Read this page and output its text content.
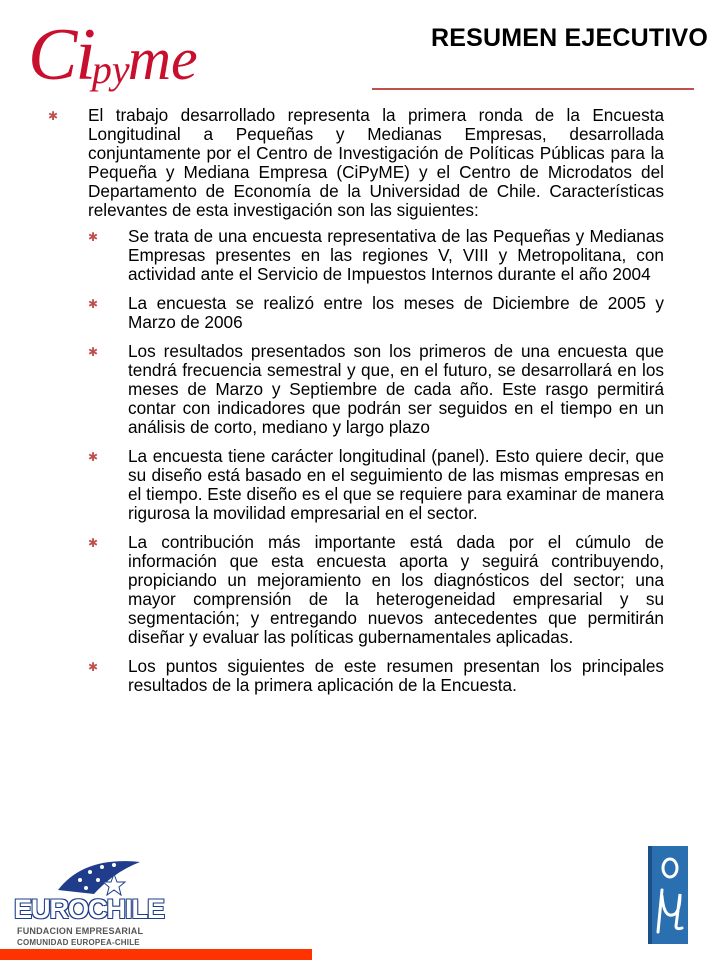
Cipyme	RESUMEN EJECUTIVO
✱ El trabajo desarrollado representa la primera ronda de la Encuesta Longitudinal a Pequeñas y Medianas Empresas, desarrollada conjuntamente por el Centro de Investigación de Políticas Públicas para la Pequeña y Mediana Empresa (CiPyME) y el Centro de Microdatos del Departamento de Economía de la Universidad de Chile. Características relevantes de esta investigación son las siguientes:
✱ Se trata de una encuesta representativa de las Pequeñas y Medianas Empresas presentes en las regiones V, VIII y Metropolitana, con actividad ante el Servicio de Impuestos Internos durante el año 2004
✱ La encuesta se realizó entre los meses de Diciembre de 2005 y Marzo de 2006
✱ Los resultados presentados son los primeros de una encuesta que tendrá frecuencia semestral y que, en el futuro, se desarrollará en los meses de Marzo y Septiembre de cada año. Este rasgo permitirá contar con indicadores que podrán ser seguidos en el tiempo en un análisis de corto, mediano y largo plazo
✱ La encuesta tiene carácter longitudinal (panel). Esto quiere decir, que su diseño está basado en el seguimiento de las mismas empresas en el tiempo. Este diseño es el que se requiere para examinar de manera rigurosa la movilidad empresarial en el sector.
✱ La contribución más importante está dada por el cúmulo de información que esta encuesta aporta y seguirá contribuyendo, propiciando un mejoramiento en los diagnósticos del sector; una mayor comprensión de la heterogeneidad empresarial y su segmentación; y entregando nuevos antecedentes que permitirán diseñar y evaluar las políticas gubernamentales aplicadas.
✱ Los puntos siguientes de este resumen presentan los principales resultados de la primera aplicación de la Encuesta.
EUROCHILE
FUNDACION EMPRESARIAL
COMUNIDAD EUROPEA-CHILE
